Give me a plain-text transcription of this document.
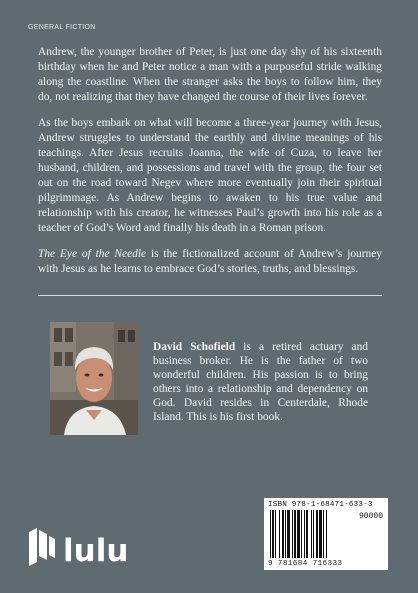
GENERAL FICTION

Andrew, the younger brother of Peter, is just one day shy of his sixteenth birthday when he and Peter notice a man with a purposeful stride walking along the coastline. When the stranger asks the boys to follow him, they do, not realizing that they have changed the course of their lives forever.

As the boys embark on what will become a three-year journey with Jesus, Andrew struggles to understand the earthly and divine meanings of his teachings. After Jesus recruits Joanna, the wife of Cuza, to leave her husband, children, and possessions and travel with the group, the four set out on the road toward Negev where more eventually join their spiritual pilgrimmage. As Andrew begins to awaken to his true value and relationship with his creator, he witnesses Paul’s growth into his role as a teacher of God’s Word and finally his death in a Roman prison.

The Eye of the Needle is the fictionalized account of Andrew’s journey with Jesus as he learns to embrace God’s stories, truths, and blessings.

David Schofield is a retired actuary and business broker. He is the father of two wonderful children. His passion is to bring others into a relationship and dependency on God. David resides in Centerdale, Rhode Island. This is his first book.
lulu
ISBN 978-1-68471-633-3
90000
9 781684 716333
